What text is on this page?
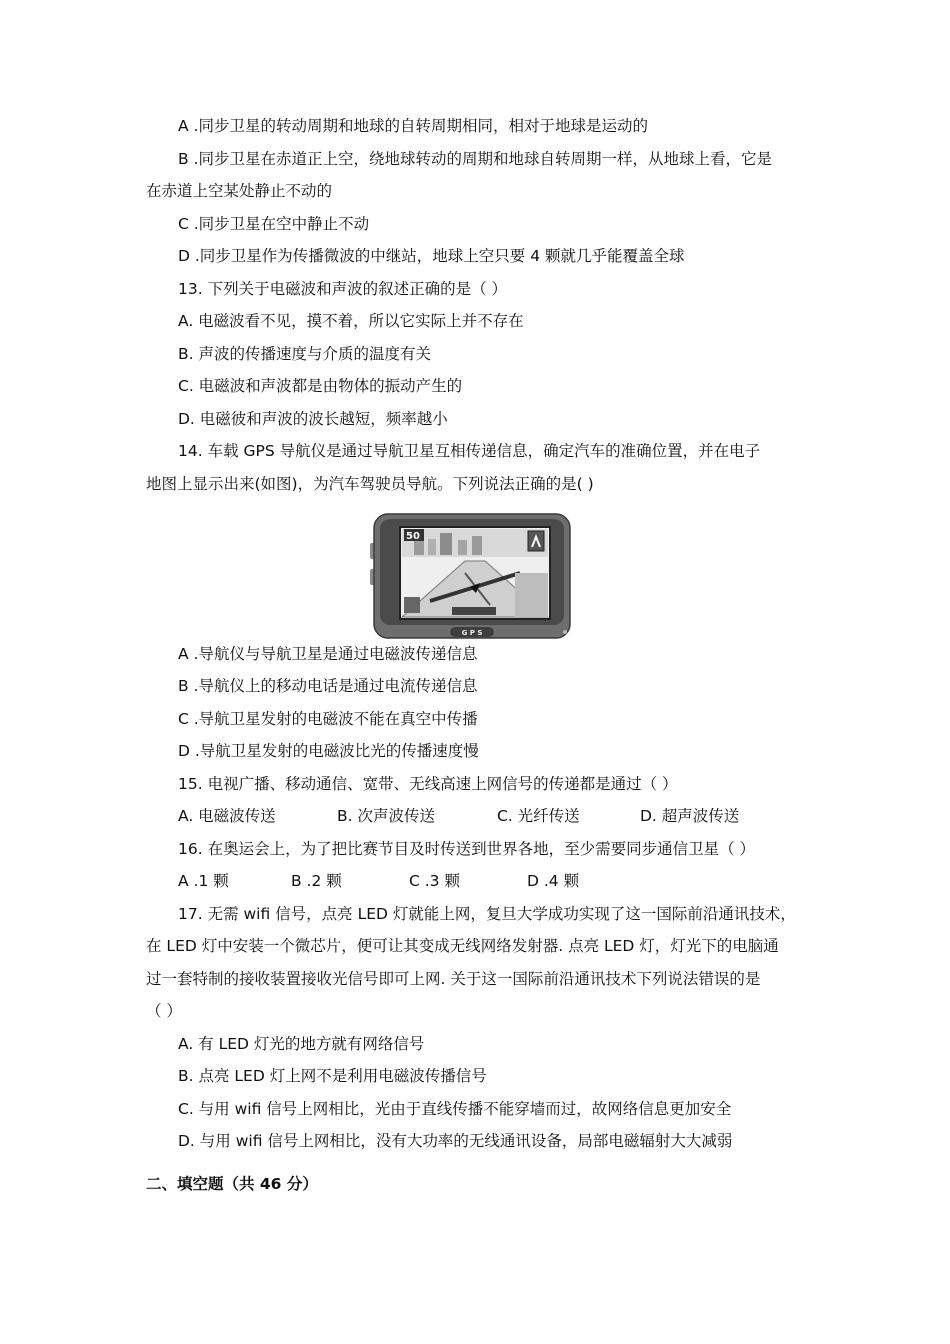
A .同步卫星的转动周期和地球的自转周期相同，相对于地球是运动的
B .同步卫星在赤道正上空，绕地球转动的周期和地球自转周期一样，从地球上看，它是
在赤道上空某处静止不动的
C .同步卫星在空中静止不动
D .同步卫星作为传播微波的中继站，地球上空只要 4 颗就几乎能覆盖全球
13. 下列关于电磁波和声波的叙述正确的是（ ）
A. 电磁波看不见，摸不着，所以它实际上并不存在
B. 声波的传播速度与介质的温度有关
C. 电磁波和声波都是由物体的振动产生的
D. 电磁彼和声波的波长越短，频率越小
14. 车载 GPS 导航仪是通过导航卫星互相传递信息，确定汽车的准确位置，并在电子
地图上显示出来(如图)，为汽车驾驶员导航。下列说法正确的是( )
50
G P S
A .导航仪与导航卫星是通过电磁波传递信息
B .导航仪上的移动电话是通过电流传递信息
C .导航卫星发射的电磁波不能在真空中传播
D .导航卫星发射的电磁波比光的传播速度慢
15. 电视广播、移动通信、宽带、无线高速上网信号的传递都是通过（ ）
A. 电磁波传送	B. 次声波传送	C. 光纤传送	D. 超声波传送
16. 在奥运会上，为了把比赛节目及时传送到世界各地，至少需要同步通信卫星（ ）
A .1 颗	B .2 颗	C .3 颗	D .4 颗
17. 无需 wifi 信号，点亮 LED 灯就能上网，复旦大学成功实现了这一国际前沿通讯技术，
在 LED 灯中安装一个微芯片，便可让其变成无线网络发射器. 点亮 LED 灯，灯光下的电脑通
过一套特制的接收装置接收光信号即可上网. 关于这一国际前沿通讯技术下列说法错误的是
（ ）
A. 有 LED 灯光的地方就有网络信号
B. 点亮 LED 灯上网不是利用电磁波传播信号
C. 与用 wifi 信号上网相比，光由于直线传播不能穿墙而过，故网络信息更加安全
D. 与用 wifi 信号上网相比，没有大功率的无线通讯设备，局部电磁辐射大大减弱
二、填空题（共 46 分）
